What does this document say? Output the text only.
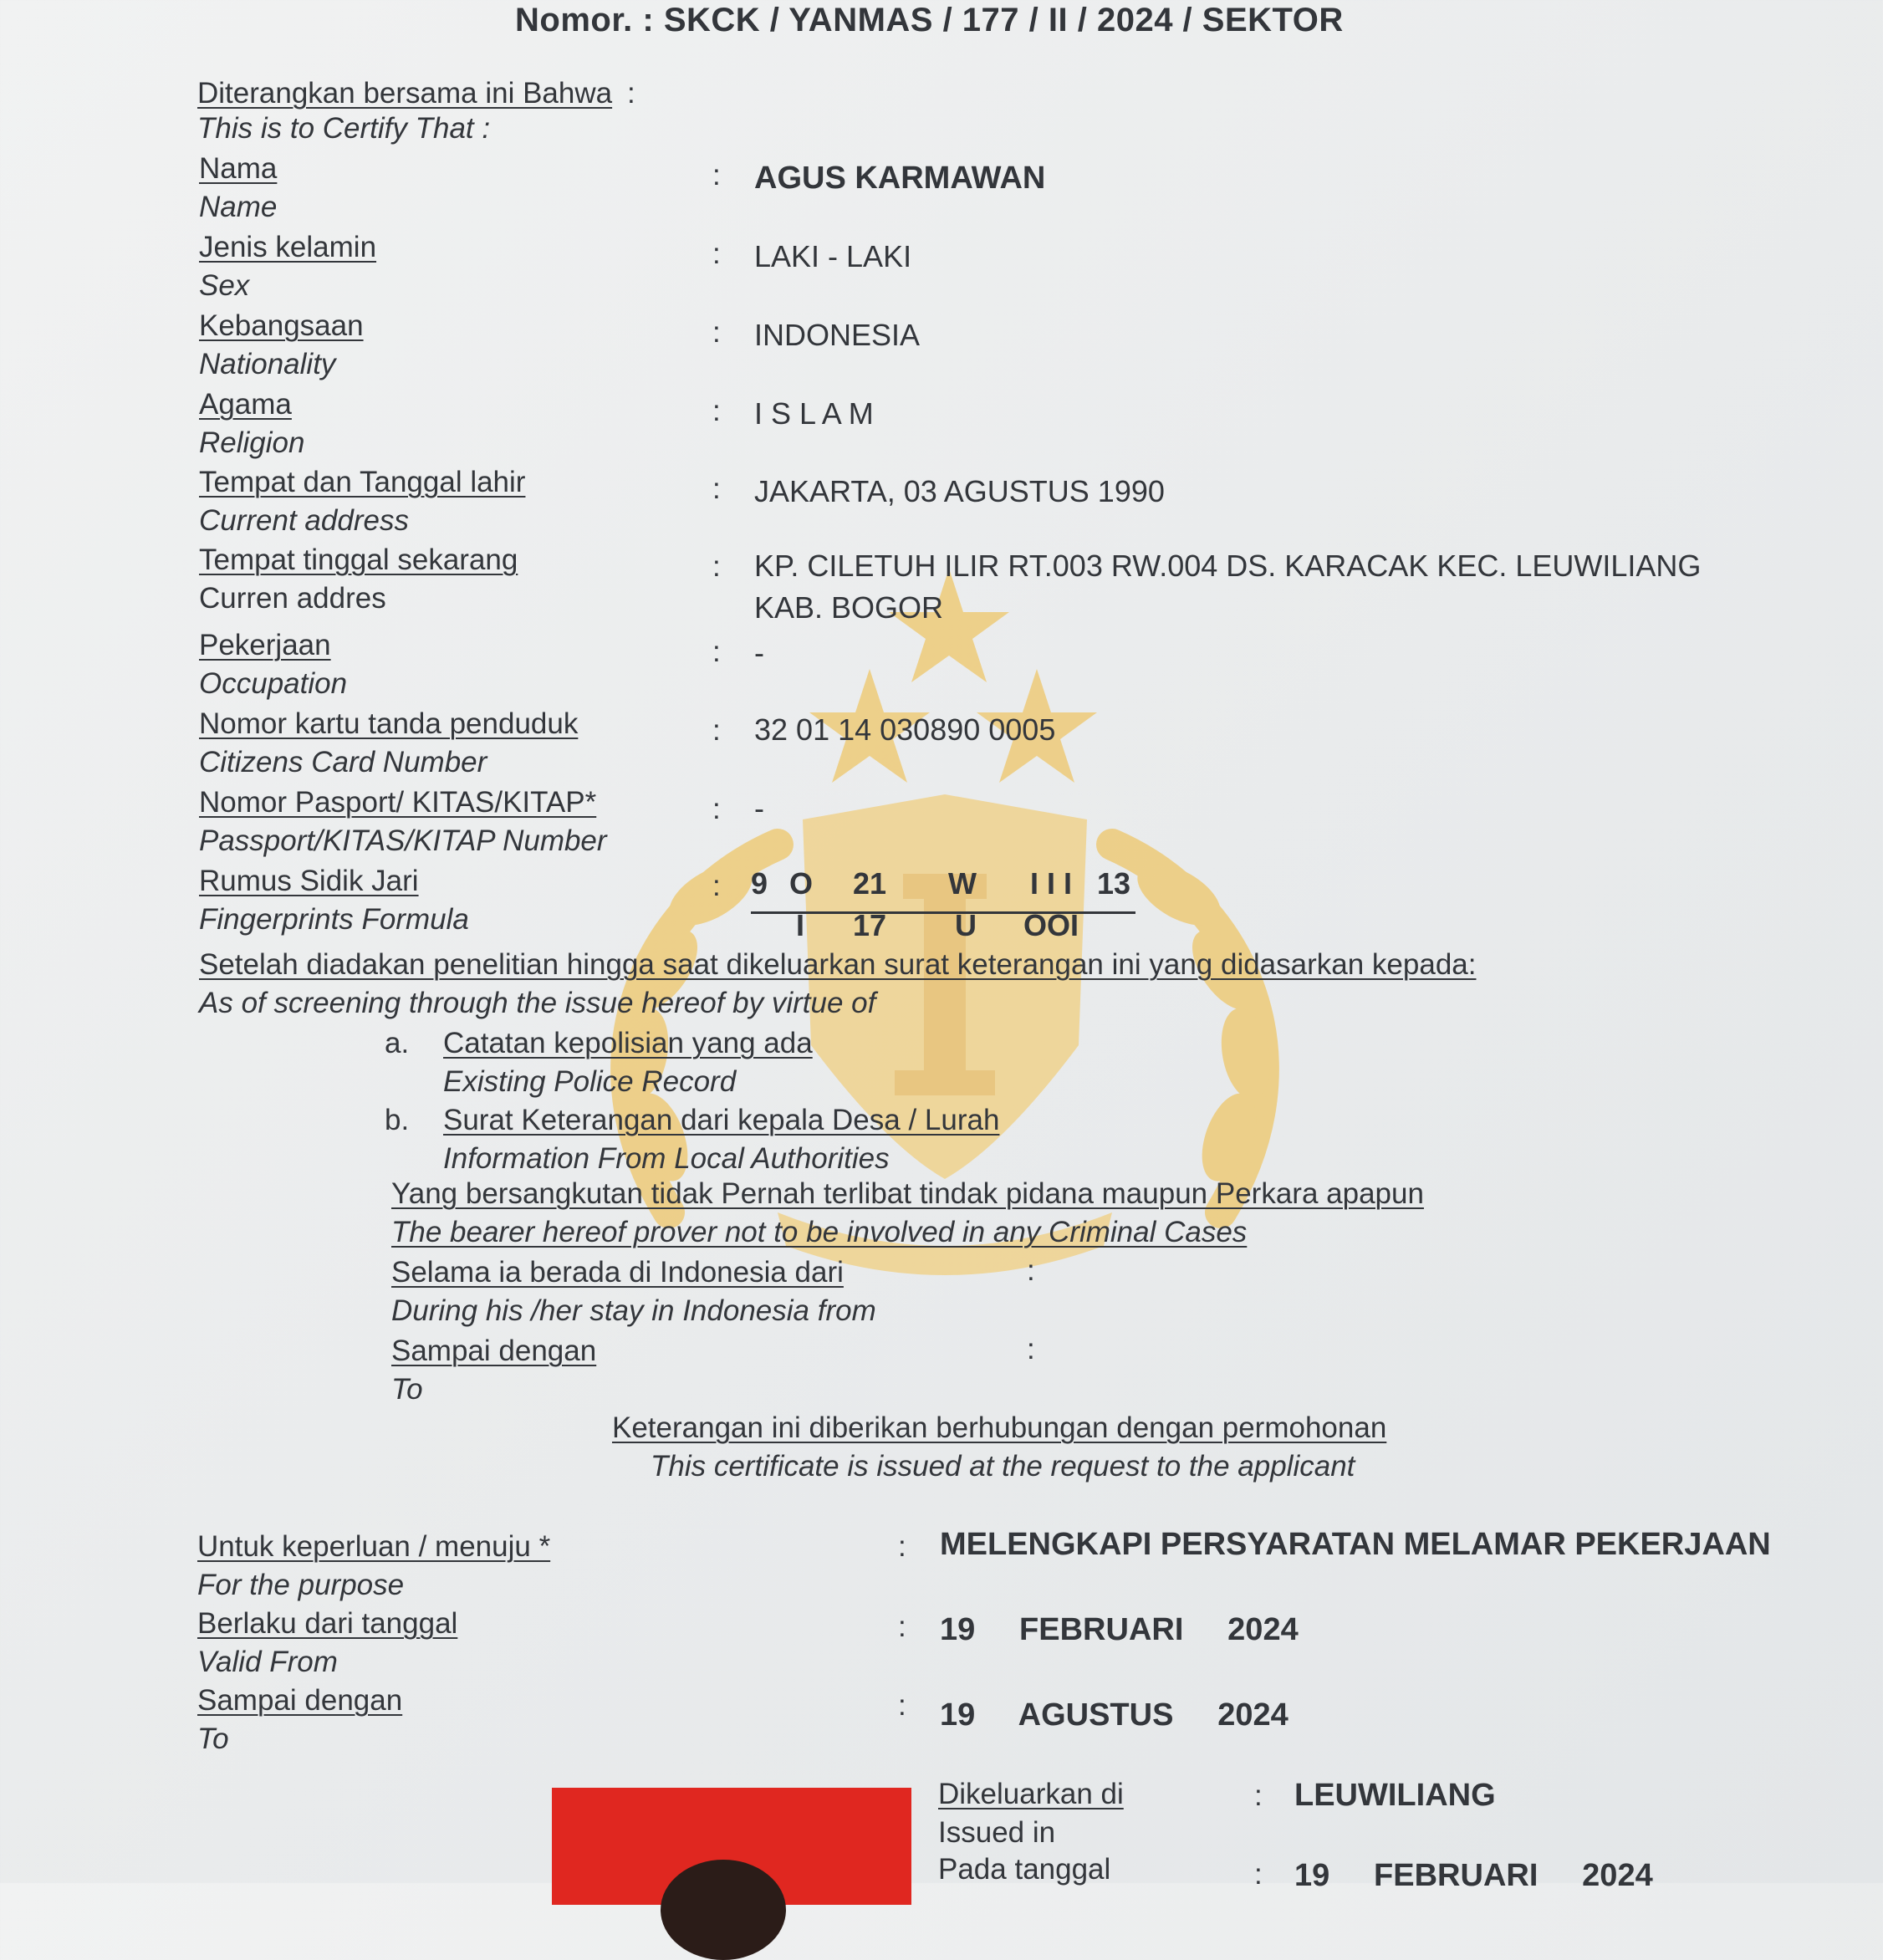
Nomor. : SKCK / YANMAS / 177 / II / 2024 / SEKTOR
Diterangkan bersama ini Bahwa :
This is to Certify That :
Nama
Name
: AGUS KARMAWAN
Jenis kelamin
Sex
: LAKI - LAKI
Kebangsaan
Nationality
: INDONESIA
Agama
Religion
: I S L A M
Tempat dan Tanggal lahir
Current address
: JAKARTA, 03 AGUSTUS 1990
Tempat tinggal sekarang
Curren addres
: KP. CILETUH ILIR RT.003 RW.004 DS. KARACAK KEC. LEUWILIANG
KAB. BOGOR
Pekerjaan
Occupation
: -
Nomor kartu tanda penduduk
Citizens Card Number
: 32 01 14 030890 0005
Nomor Pasport/ KITAS/KITAP*
Passport/KITAS/KITAP Number
: -
Rumus Sidik Jari
Fingerprints Formula
: 9 O 21 W I I I 13
I 17 U OOI
Setelah diadakan penelitian hingga saat dikeluarkan surat keterangan ini yang didasarkan kepada:
As of screening through the issue hereof by virtue of
a. Catatan kepolisian yang ada
Existing Police Record
b. Surat Keterangan dari kepala Desa / Lurah
Information From Local Authorities
Yang bersangkutan tidak Pernah terlibat tindak pidana maupun Perkara apapun
The bearer hereof prover not to be involved in any Criminal Cases
Selama ia berada di Indonesia dari	:
During his /her stay in Indonesia from
Sampai dengan	:
To
Keterangan ini diberikan berhubungan dengan permohonan
This certificate is issued at the request to the applicant
Untuk keperluan / menuju *
For the purpose
: MELENGKAPI PERSYARATAN MELAMAR PEKERJAAN
Berlaku dari tanggal
Valid From
: 19     FEBRUARI     2024
Sampai dengan
To
: 19     AGUSTUS     2024
Dikeluarkan di
Issued in
: LEUWILIANG
Pada tanggal	: 19     FEBRUARI     2024
